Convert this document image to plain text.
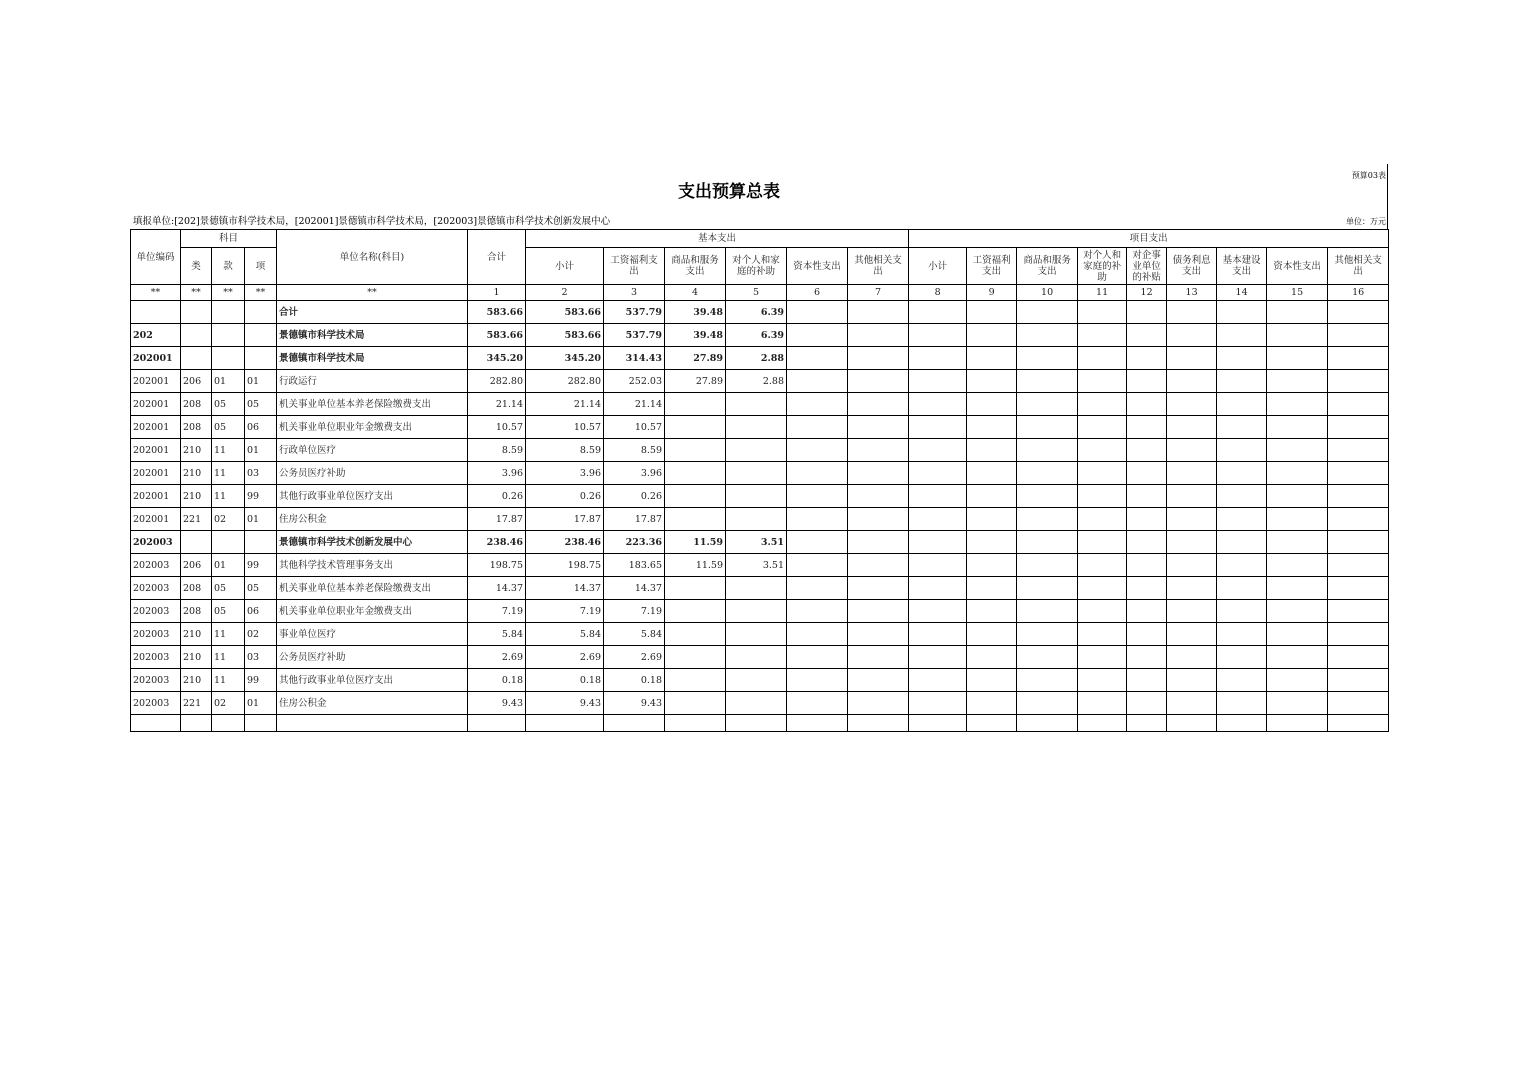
预算03表
支出预算总表
填报单位:[202]景德镇市科学技术局，[202001]景德镇市科学技术局，[202003]景德镇市科学技术创新发展中心	单位：万元
单位编码	科目			单位名称(科目)	合计	基本支出						项目支出								
	类	款	项			小计	工资福利支出	商品和服务支出	对个人和家庭的补助	资本性支出	其他相关支出	小计	工资福利支出	商品和服务支出	对个人和家庭的补助	对企事业单位的补贴	债务利息支出	基本建设支出	资本性支出	其他相关支出
**	**	**	**	**	1	2	3	4	5	6	7	8	9	10	11	12	13	14	15	16
				合计	583.66	583.66	537.79	39.48	6.39											
202				景德镇市科学技术局	583.66	583.66	537.79	39.48	6.39											
202001				景德镇市科学技术局	345.20	345.20	314.43	27.89	2.88											
202001	206	01	01	行政运行	282.80	282.80	252.03	27.89	2.88											
202001	208	05	05	机关事业单位基本养老保险缴费支出	21.14	21.14	21.14													
202001	208	05	06	机关事业单位职业年金缴费支出	10.57	10.57	10.57													
202001	210	11	01	行政单位医疗	8.59	8.59	8.59													
202001	210	11	03	公务员医疗补助	3.96	3.96	3.96													
202001	210	11	99	其他行政事业单位医疗支出	0.26	0.26	0.26													
202001	221	02	01	住房公积金	17.87	17.87	17.87													
202003				景德镇市科学技术创新发展中心	238.46	238.46	223.36	11.59	3.51											
202003	206	01	99	其他科学技术管理事务支出	198.75	198.75	183.65	11.59	3.51											
202003	208	05	05	机关事业单位基本养老保险缴费支出	14.37	14.37	14.37													
202003	208	05	06	机关事业单位职业年金缴费支出	7.19	7.19	7.19													
202003	210	11	02	事业单位医疗	5.84	5.84	5.84													
202003	210	11	03	公务员医疗补助	2.69	2.69	2.69													
202003	210	11	99	其他行政事业单位医疗支出	0.18	0.18	0.18													
202003	221	02	01	住房公积金	9.43	9.43	9.43													
